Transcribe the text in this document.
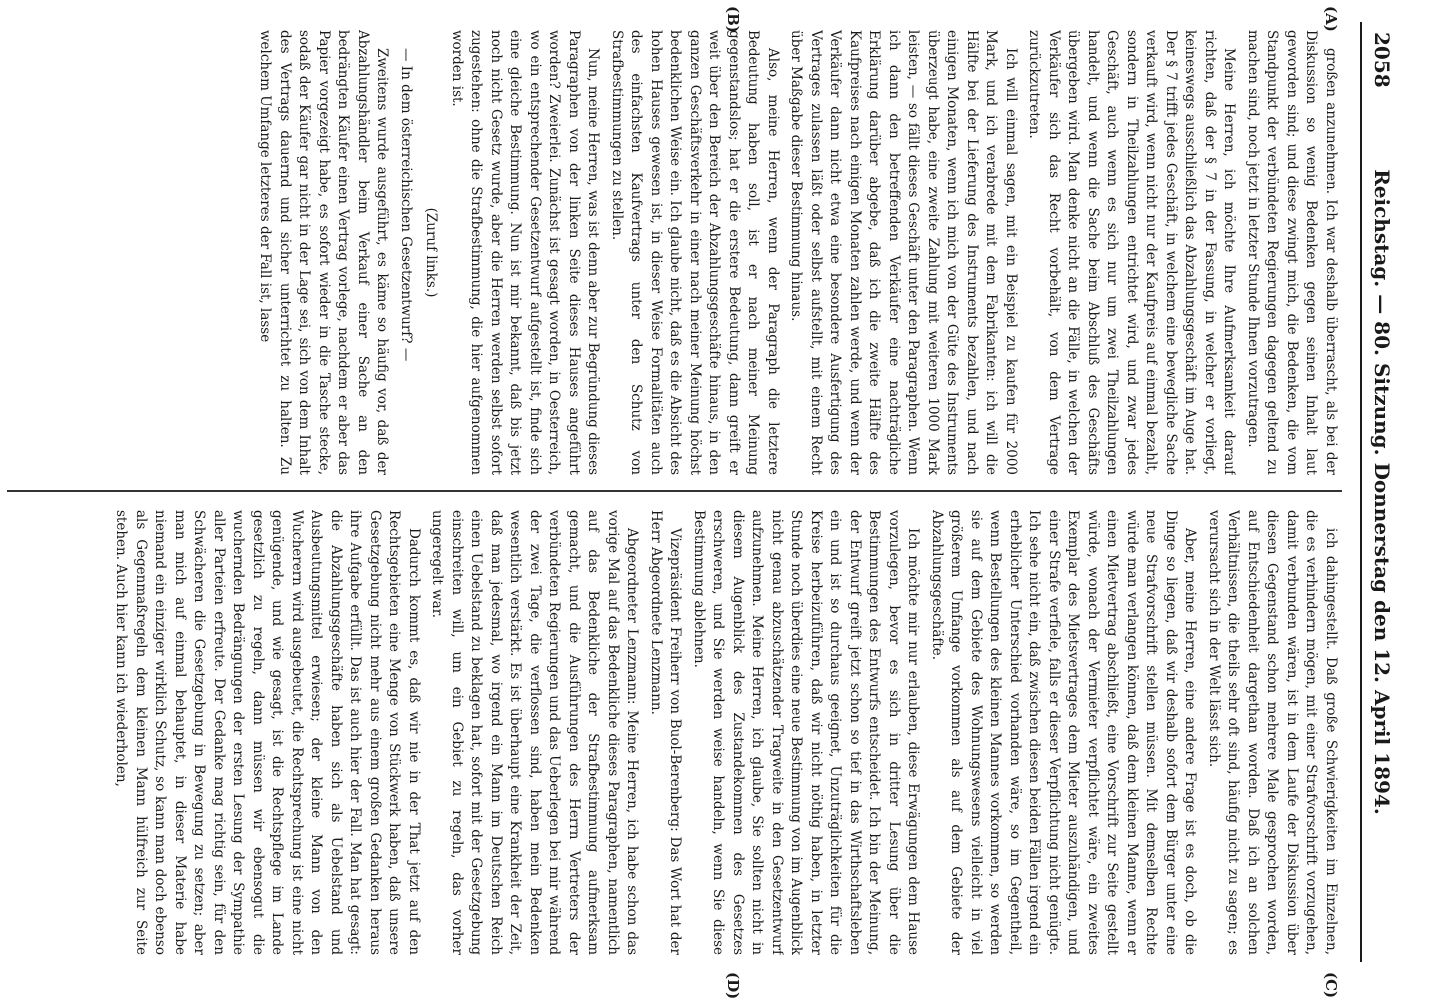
2058
Reichstag. — 80. Sitzung. Donnerstag den 12. April 1894.
(A)
(B)
(C)
(D)

großen anzunehmen. Ich war deshalb überrascht, als bei der Diskussion so wenig Bedenken gegen seinen Inhalt laut geworden sind; und diese zwingt mich, die Bedenken, die vom Standpunkt der verbündeten Regierungen dagegen geltend zu machen sind, noch jetzt in letzter Stunde Ihnen vorzutragen.

Meine Herren, ich möchte Ihre Aufmerksamkeit darauf richten, daß der § 7 in der Fassung, in welcher er vorliegt, keineswegs ausschließlich das Abzahlungsgeschäft im Auge hat. Der § 7 trifft jedes Geschäft, in welchem eine bewegliche Sache verkauft wird, wenn nicht nur der Kaufpreis auf einmal bezahlt, sondern in Theilzahlungen entrichtet wird, und zwar jedes Geschäft, auch wenn es sich nur um zwei Theilzahlungen handelt, und wenn die Sache beim Abschluß des Geschäfts übergeben wird. Man denke nicht an die Fälle, in welchen der Verkäufer sich das Recht vorbehält, von dem Vertrage zurückzutreten.

Ich will einmal sagen, mit ein Beispiel zu kaufen für 2000 Mark, und ich verabrede mit dem Fabrikanten: ich will die Hälfte bei der Lieferung des Instruments bezahlen, und nach einigen Monaten, wenn ich mich von der Güte des Instruments überzeugt habe, eine zweite Zahlung mit weiteren 1000 Mark leisten, — so fällt dieses Geschäft unter den Paragraphen. Wenn ich dann den betreffenden Verkäufer eine nachträgliche Erklärung darüber abgebe, daß ich die zweite Hälfte des Kaufpreises nach einigen Monaten zahlen werde, und wenn der Verkäufer dann nicht etwa eine besondere Ausfertigung des Vertrages zulassen läßt oder selbst aufstellt, mit einem Recht über Maßgabe dieser Bestimmung hinaus.

Also, meine Herren, wenn der Paragraph die letztere Bedeutung haben soll, ist er nach meiner Meinung gegenstandslos; hat er die erstere Bedeutung, dann greift er weit über den Bereich der Abzahlungsgeschäfte hinaus, in den ganzen Geschäftsverkehr in einer nach meiner Meinung höchst bedenklichen Weise ein. Ich glaube nicht, daß es die Absicht des hohen Hauses gewesen ist, in dieser Weise Formalitäten auch des einfachsten Kaufvertrags unter den Schutz von Strafbestimmungen zu stellen.

Nun, meine Herren, was ist denn aber zur Begründung dieses Paragraphen von der linken Seite dieses Hauses angeführt worden? Zweierlei. Zunächst ist gesagt worden, in Oesterreich, wo ein entsprechender Gesetzentwurf aufgestellt ist, finde sich eine gleiche Bestimmung. Nun ist mir bekannt, daß bis jetzt noch nicht Gesetz wurde, aber die Herren werden selbst sofort zugestehen: ohne die Strafbestimmung, die hier aufgenommen worden ist.

(Zuruf links.)

— In dem österreichischen Gesetzentwurf? —

Zweitens wurde ausgeführt, es käme so häufig vor, daß der Abzahlungshändler beim Verkauf einer Sache an den bedrängten Käufer einen Vertrag vorlege, nachdem er aber das Papier vorgezeigt habe, es sofort wieder in die Tasche stecke, sodaß der Käufer gar nicht in der Lage sei, sich von dem Inhalt des Vertrags dauernd und sicher unterrichtet zu halten. Zu welchem Umfange letzteres der Fall ist, lasse

ich dahingestellt. Daß große Schwierigkeiten im Einzelnen, die es verhindern mögen, mit einer Strafvorschrift vorzugehen, damit verbunden wären, ist in dem Laufe der Diskussion über diesen Gegenstand schon mehrere Male gesprochen worden, auf Entschiedenheit dargethan worden. Daß ich an solchen Verhältnissen, die theils sehr oft sind, häufig nicht zu sagen; es verursacht sich in der Welt lässt sich.

Aber, meine Herren, eine andere Frage ist es doch, ob die Dinge so liegen, daß wir deshalb sofort dem Bürger unter eine neue Strafvorschrift stellen müssen. Mit demselben Rechte würde man verlangen können, daß dem kleinen Manne, wenn er einen Mietvertrag abschließt, eine Vorschrift zur Seite gestellt würde, wonach der Vermieter verpflichtet wäre, ein zweites Exemplar des Mietsvertrages dem Mieter auszuhändigen, und einer Strafe verfiele, falls er dieser Verpflichtung nicht genügte. Ich sehe nicht ein, daß zwischen diesen beiden Fällen irgend ein erheblicher Unterschied vorhanden wäre, so im Gegentheil, wenn Bestellungen des kleinen Mannes vorkommen, so werden sie auf dem Gebiete des Wohnungswesens vielleicht in viel größerem Umfange vorkommen als auf dem Gebiete der Abzahlungsgeschäfte.

Ich möchte mir nur erlauben, diese Erwägungen dem Hause vorzulegen, bevor es sich in dritter Lesung über die Bestimmungen des Entwurfs entscheidet. Ich bin der Meinung, der Entwurf greift jetzt schon so tief in das Wirthschaftsleben ein und ist so durchaus geeignet, Unzuträglichkeiten für die Kreise herbeizuführen, daß wir nicht nöthig haben, in letzter Stunde noch überdies eine neue Bestimmung von im Augenblick nicht genau abzuschätzender Tragweite in den Gesetzentwurf aufzunehmen. Meine Herren, ich glaube, Sie sollten nicht in diesem Augenblick des Zustandekommen des Gesetzes erschweren, und Sie werden weise handeln, wenn Sie diese Bestimmung ablehnen.

Vizepräsident Freiherr von Buol-Berenberg: Das Wort hat der Herr Abgeordnete Lenzmann.

Abgeordneter Lenzmann: Meine Herren, ich habe schon das vorige Mal auf das Bedenkliche dieses Paragraphen, namentlich auf das Bedenkliche der Strafbestimmung aufmerksam gemacht, und die Ausführungen des Herrn Vertreters der verbündeten Regierungen und das Ueberlegen bei mir während der zwei Tage, die verflossen sind, haben mein Bedenken wesentlich verstärkt. Es ist überhaupt eine Krankheit der Zeit, daß man jedesmal, wo irgend ein Mann im Deutschen Reich einen Uebelstand zu beklagen hat, sofort mit der Gesetzgebung einschreiten will, um ein Gebiet zu regeln, das vorher ungeregelt war.

Dadurch kommt es, daß wir nie in der That jetzt auf den Rechtsgebieten eine Menge von Stückwerk haben, daß unsere Gesetzgebung nicht mehr aus einem großen Gedanken heraus ihre Aufgabe erfüllt. Das ist auch hier der Fall. Man hat gesagt: die Abzahlungsgeschäfte haben sich als Uebelstand und Ausbeutungsmittel erwiesen; der kleine Mann von den Wucherern wird ausgebeutet, die Rechtsprechung ist eine nicht genügende, und wie gesagt, ist die Rechtspflege im Lande gesetzlich zu regeln, dann müssen wir ebensogut die wuchernden Bedrängungen der ersten Lesung der Sympathie aller Parteien erfreute. Der Gedanke mag richtig sein, für den Schwächeren die Gesetzgebung in Bewegung zu setzen; aber man mich auf einmal behauptet, in dieser Materie habe niemand ein einziger wirklich Schutz, so kann man doch ebenso als Gegenmaßregeln dem kleinen Mann hülfreich zur Seite stehen. Auch hier kann ich wiederholen,
